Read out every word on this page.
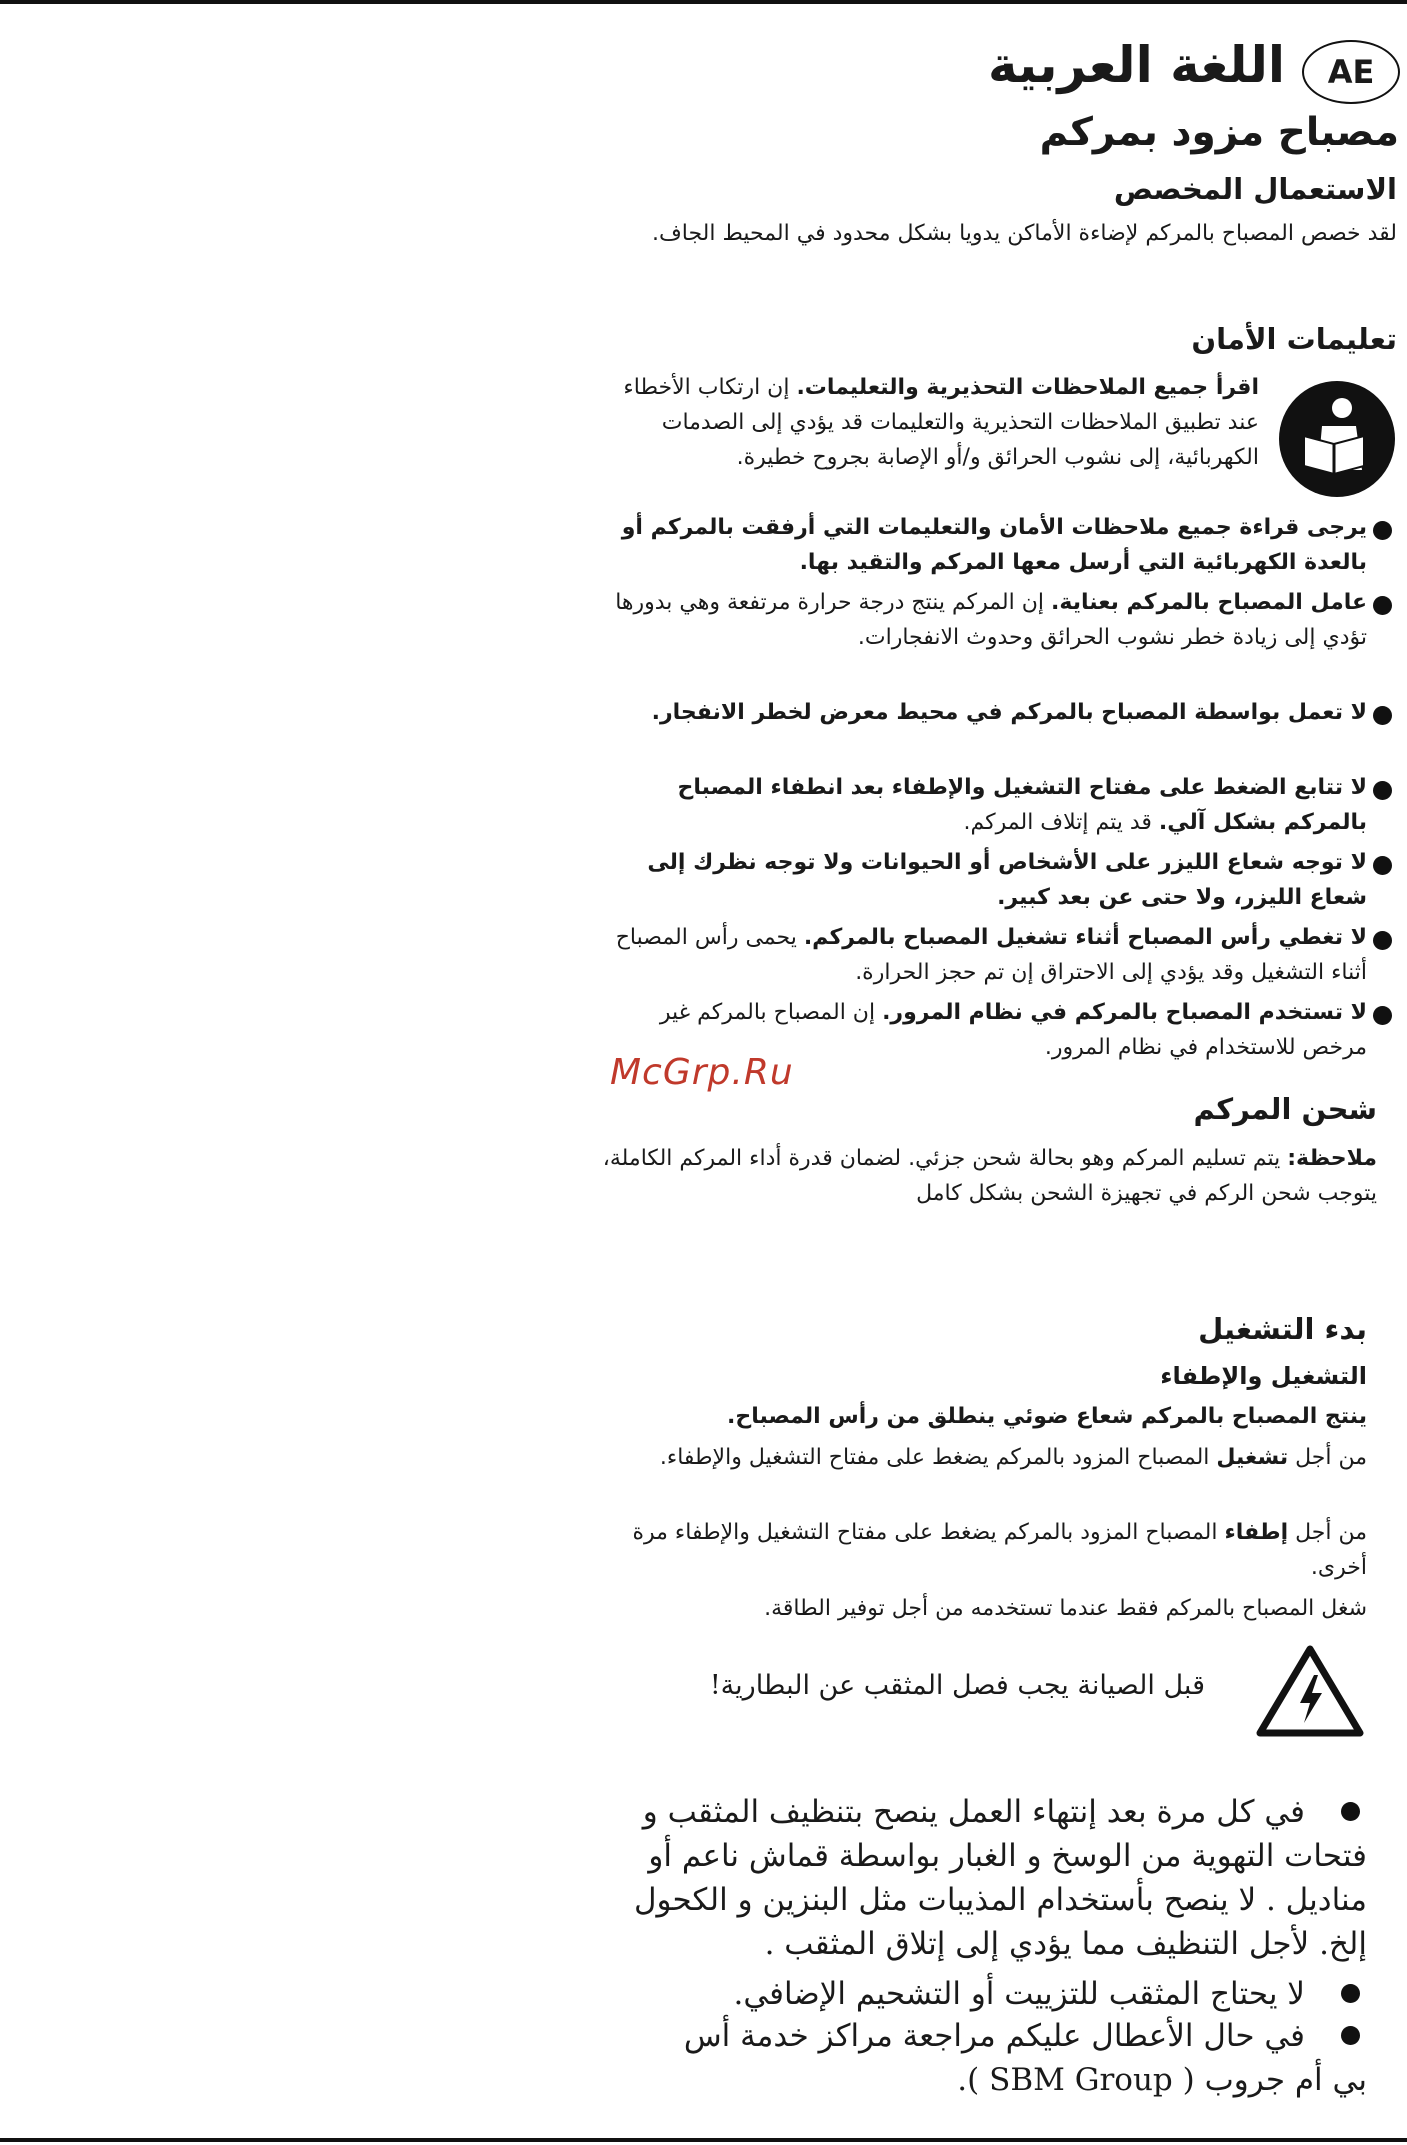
AE
اللغة العربية
مصباح مزود بمركم
الاستعمال المخصص
لقد خصص المصباح بالمركم لإضاءة الأماكن يدويا بشكل محدود في المحيط الجاف.
تعليمات الأمان
اقرأ جميع الملاحظات التحذيرية والتعليمات. إن ارتكاب الأخطاء عند تطبيق الملاحظات التحذيرية والتعليمات قد يؤدي إلى الصدمات الكهربائية، إلى نشوب الحرائق و/أو الإصابة بجروح خطيرة.
يرجى قراءة جميع ملاحظات الأمان والتعليمات التي أرفقت بالمركم أو بالعدة الكهربائية التي أرسل معها المركم والتقيد بها.
عامل المصباح بالمركم بعناية. إن المركم ينتج درجة حرارة مرتفعة وهي بدورها تؤدي إلى زيادة خطر نشوب الحرائق وحدوث الانفجارات.
لا تعمل بواسطة المصباح بالمركم في محيط معرض لخطر الانفجار.
لا تتابع الضغط على مفتاح التشغيل والإطفاء بعد انطفاء المصباح بالمركم بشكل آلي. قد يتم إتلاف المركم.
لا توجه شعاع الليزر على الأشخاص أو الحيوانات ولا توجه نظرك إلى شعاع الليزر، ولا حتى عن بعد كبير.
لا تغطي رأس المصباح أثناء تشغيل المصباح بالمركم. يحمى رأس المصباح أثناء التشغيل وقد يؤدي إلى الاحتراق إن تم حجز الحرارة.
لا تستخدم المصباح بالمركم في نظام المرور. إن المصباح بالمركم غير مرخص للاستخدام في نظام المرور.
McGrp.Ru
شحن المركم
ملاحظة: يتم تسليم المركم وهو بحالة شحن جزئي. لضمان قدرة أداء المركم الكاملة، يتوجب شحن الركم في تجهيزة الشحن بشكل كامل
بدء التشغيل
التشغيل والإطفاء
ينتج المصباح بالمركم شعاع ضوئي ينطلق من رأس المصباح.
من أجل تشغيل المصباح المزود بالمركم يضغط على مفتاح التشغيل والإطفاء.
من أجل إطفاء المصباح المزود بالمركم يضغط على مفتاح التشغيل والإطفاء مرة أخرى.
شغل المصباح بالمركم فقط عندما تستخدمه من أجل توفير الطاقة.
قبل الصيانة يجب فصل المثقب عن البطارية!
في كل مرة بعد إنتهاء العمل ينصح بتنظيف المثقب و فتحات التهوية من الوسخ و الغبار بواسطة قماش ناعم أو مناديل . لا ينصح بأستخدام المذيبات مثل البنزين و الكحول إلخ. لأجل التنظيف مما يؤدي إلى إتلاق المثقب .
لا يحتاج المثقب للتزييت أو التشحيم الإضافي.
في حال الأعطال عليكم مراجعة مراكز خدمة أس بي أم جروب ( SBM Group ).
